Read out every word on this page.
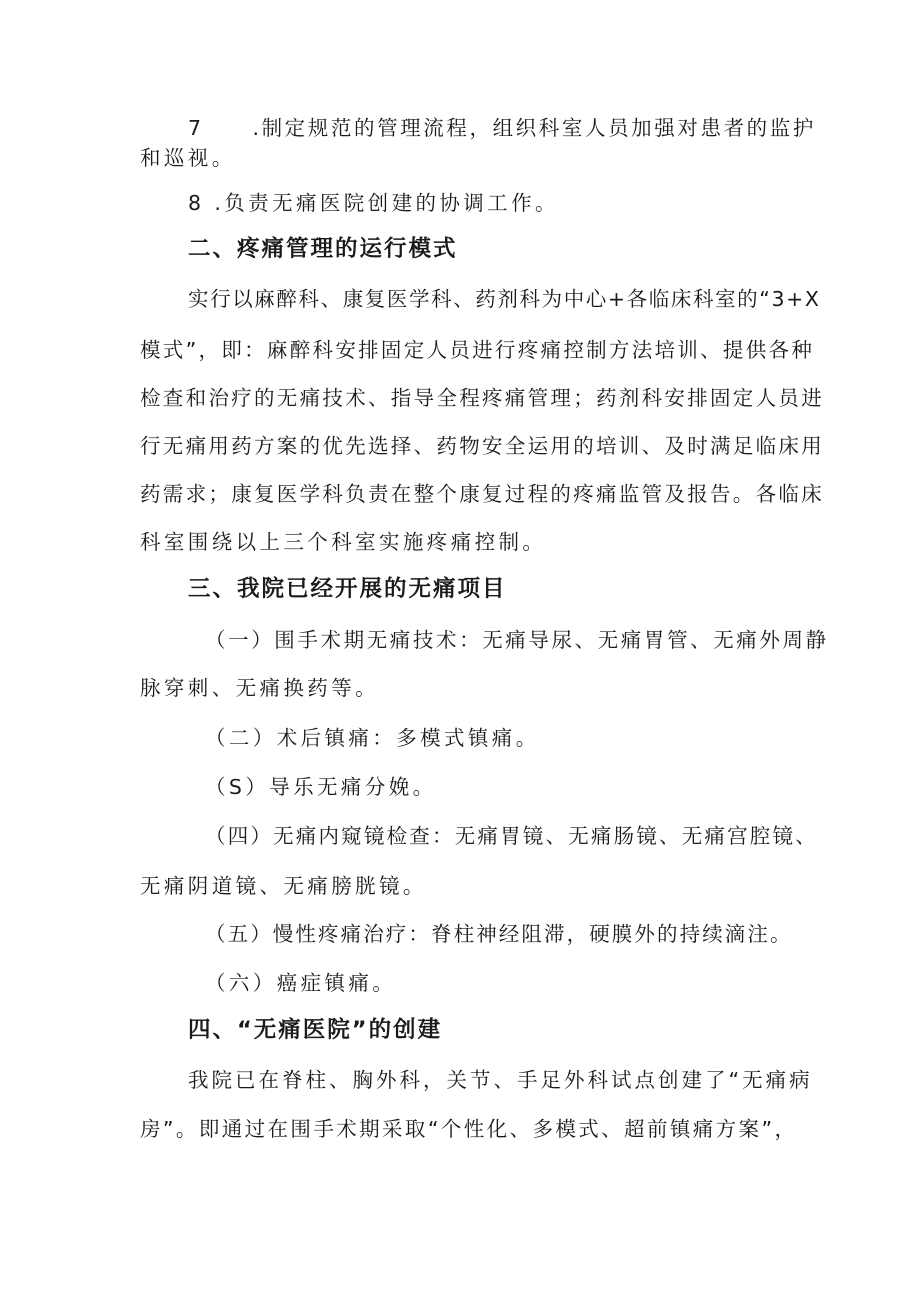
7 .制定规范的管理流程，组织科室人员加强对患者的监护
和巡视。
8 .负责无痛医院创建的协调工作。
二、疼痛管理的运行模式
实行以麻醉科、康复医学科、药剂科为中心+各临床科室的“3+X
模式”，即：麻醉科安排固定人员进行疼痛控制方法培训、提供各种
检查和治疗的无痛技术、指导全程疼痛管理；药剂科安排固定人员进
行无痛用药方案的优先选择、药物安全运用的培训、及时满足临床用
药需求；康复医学科负责在整个康复过程的疼痛监管及报告。各临床
科室围绕以上三个科室实施疼痛控制。
三、我院已经开展的无痛项目
（一）围手术期无痛技术：无痛导尿、无痛胃管、无痛外周静
脉穿刺、无痛换药等。
（二）术后镇痛：多模式镇痛。
（S）导乐无痛分娩。
（四）无痛内窥镜检查：无痛胃镜、无痛肠镜、无痛宫腔镜、
无痛阴道镜、无痛膀胱镜。
（五）慢性疼痛治疗：脊柱神经阻滞，硬膜外的持续滴注。
（六）癌症镇痛。
四、“无痛医院”的创建
我院已在脊柱、胸外科，关节、手足外科试点创建了“无痛病
房”。即通过在围手术期采取“个性化、多模式、超前镇痛方案”，
